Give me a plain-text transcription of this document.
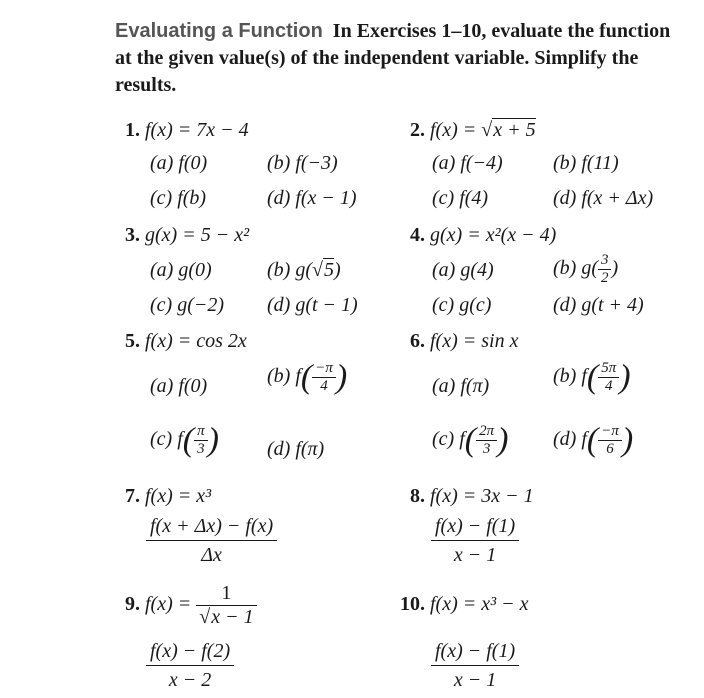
Evaluating a Function In Exercises 1–10, evaluate the function at the given value(s) of the independent variable. Simplify the results.
1. f(x) = 7x − 4
(a) f(0)	(b) f(−3)
(c) f(b)	(d) f(x − 1)
2. f(x) = √x + 5
(a) f(−4)	(b) f(11)
(c) f(4)	(d) f(x + Δx)
3. g(x) = 5 − x²
(a) g(0)	(b) g(√5)
(c) g(−2) (d) g(t − 1)
4. g(x) = x²(x − 4)
(a) g(4)	(b) $g( \frac{3}{2}$ )
(c) g(c)	(d) g(t + 4)
5. f(x) = cos 2x
(a) f(0)	(b) $f( \frac{-\pi}{4}$ )
(c) $f( \frac{\pi}{3}$ ) (d) f(π)
6. f(x) = sin x
(a) f(π)	(b) $f( \frac{5\pi}{4}$ )
(c) $f( \frac{2\pi}{3}$ ) (d) $f( \frac{-\pi}{6}$ )
7. f(x) = x³
f(x + Δx) − f(x)
Δx
8. f(x) = 3x − 1
f(x) − f(1)
x − 1
9. $f(x) = \frac{1}{√x - 1}$
f(x) − f(2)
x − 2
10. f(x) = x³ − x
f(x) − f(1)
x − 1
